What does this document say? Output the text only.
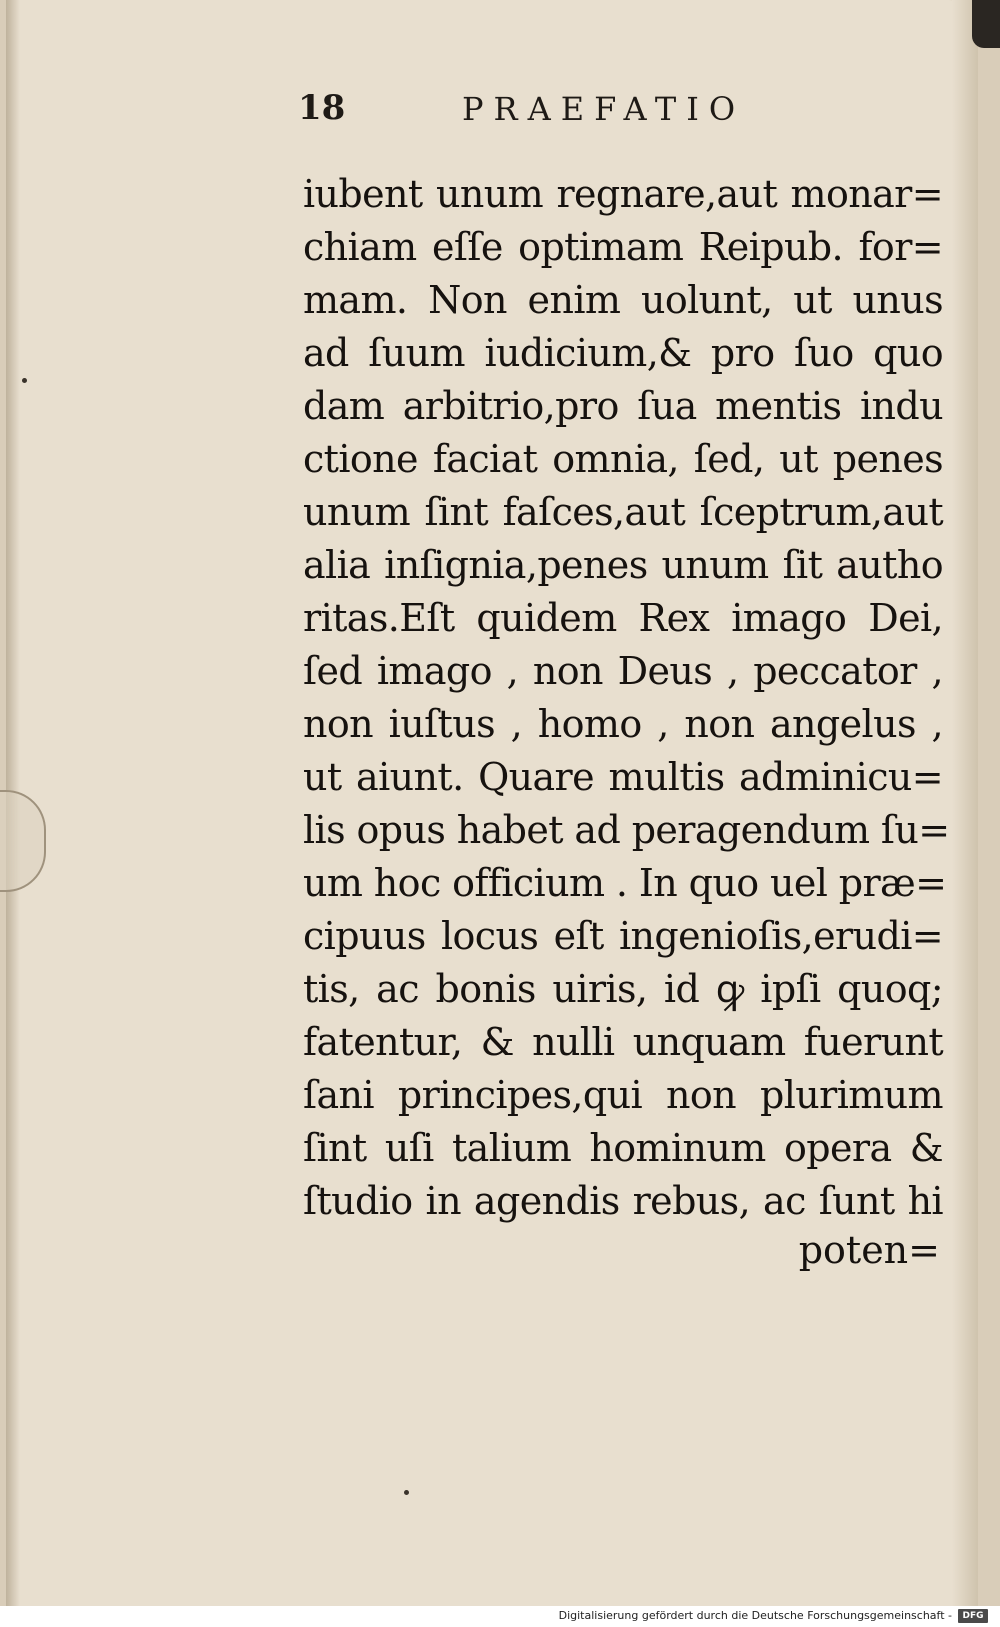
18	PRAEFATIO
iubent unum regnare,aut monar=
chiam eſſe optimam Reipub. for=
mam. Non enim uolunt, ut unus
ad ſuum iudicium,& pro ſuo quo
dam arbitrio,pro ſua mentis indu
ctione faciat omnia, ſed, ut penes
unum ſint faſces,aut ſceptrum,aut
alia inſignia,penes unum ſit autho
ritas.Eſt quidem Rex imago Dei,
ſed imago , non Deus , peccator ,
non iuſtus , homo , non angelus ,
ut aiunt. Quare multis adminicu=
lis opus habet ad peragendum ſu=
um hoc officium . In quo uel præ=
cipuus locus eſt ingenioſis,erudi=
tis, ac bonis uiris, id ꝙ ipſi quoq;
fatentur, & nulli unquam fuerunt
ſani principes,qui non plurimum
ſint uſi talium hominum opera &
ſtudio in agendis rebus, ac ſunt hi
poten=
Digitalisierung gefördert durch die Deutsche Forschungsgemeinschaft -	DFG
